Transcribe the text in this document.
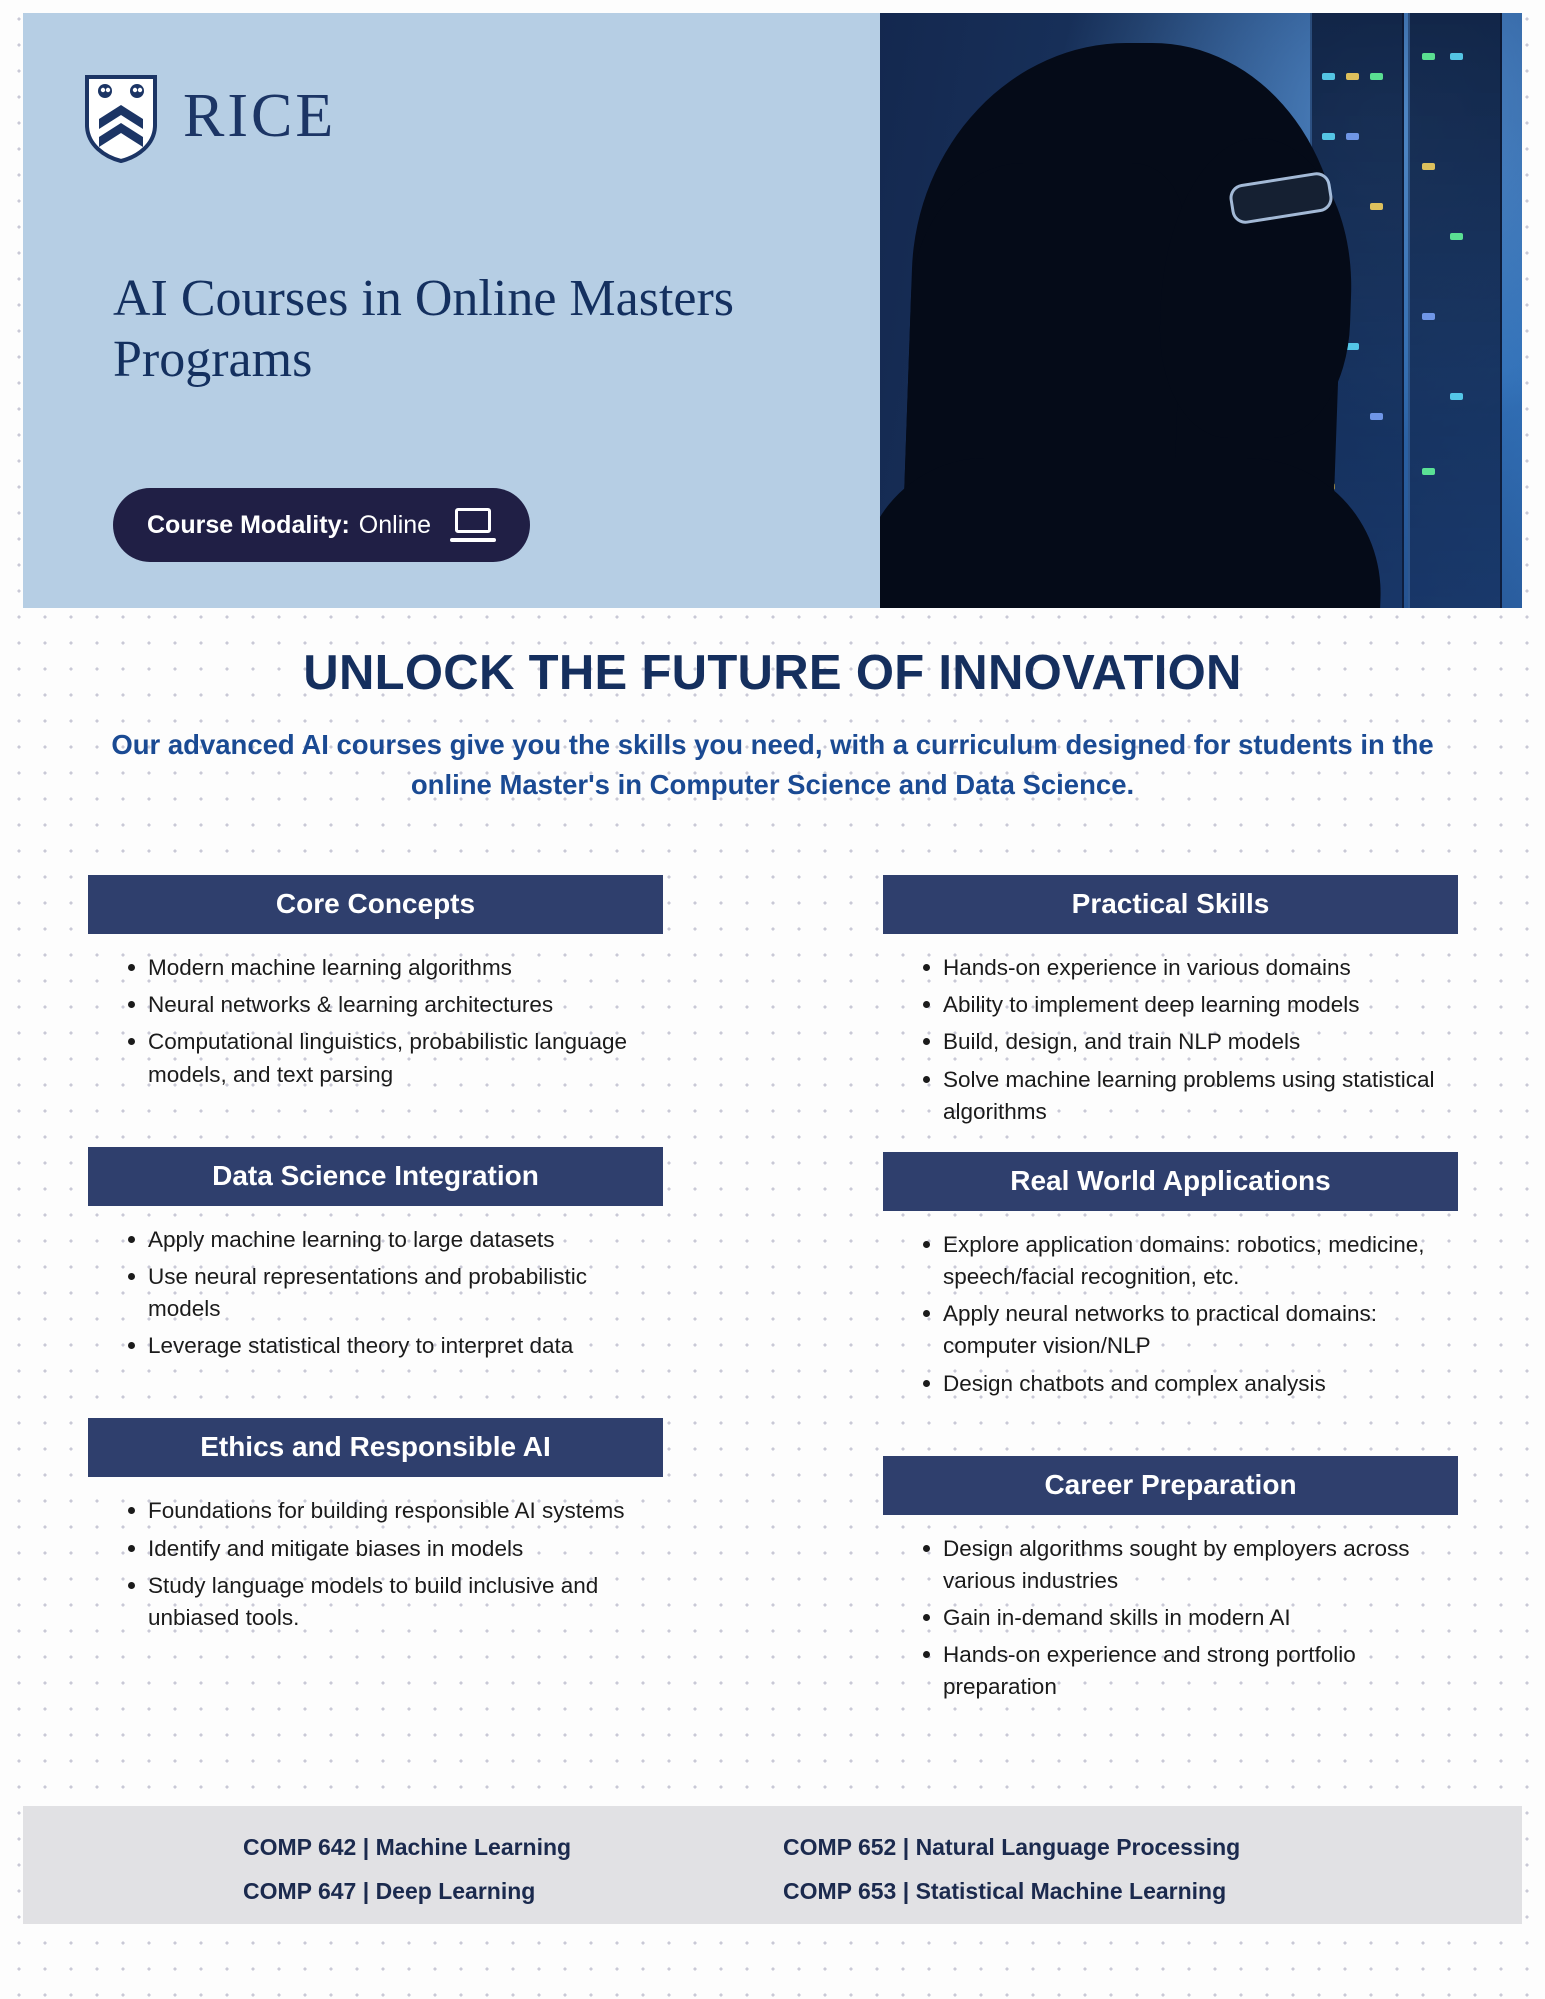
RICE
AI Courses in Online Masters Programs
Course Modality: Online
UNLOCK THE FUTURE OF INNOVATION
Our advanced AI courses give you the skills you need, with a curriculum designed for students in the online Master's in Computer Science and Data Science.
Core Concepts
Modern machine learning algorithms
Neural networks & learning architectures
Computational linguistics, probabilistic language models, and text parsing
Data Science Integration
Apply machine learning to large datasets
Use neural representations and probabilistic models
Leverage statistical theory to interpret data
Ethics and Responsible AI
Foundations for building responsible AI systems
Identify and mitigate biases in models
Study language models to build inclusive and unbiased tools.
Practical Skills
Hands-on experience in various domains
Ability to implement deep learning models
Build, design, and train NLP models
Solve machine learning problems using statistical algorithms
Real World Applications
Explore application domains: robotics, medicine, speech/facial recognition, etc.
Apply neural networks to practical domains: computer vision/NLP
Design chatbots and complex analysis
Career Preparation
Design algorithms sought by employers across various industries
Gain in-demand skills in modern AI
Hands-on experience and strong portfolio preparation
COMP 642 | Machine Learning
COMP 647 | Deep Learning
COMP 652 | Natural Language Processing
COMP 653 | Statistical Machine Learning
